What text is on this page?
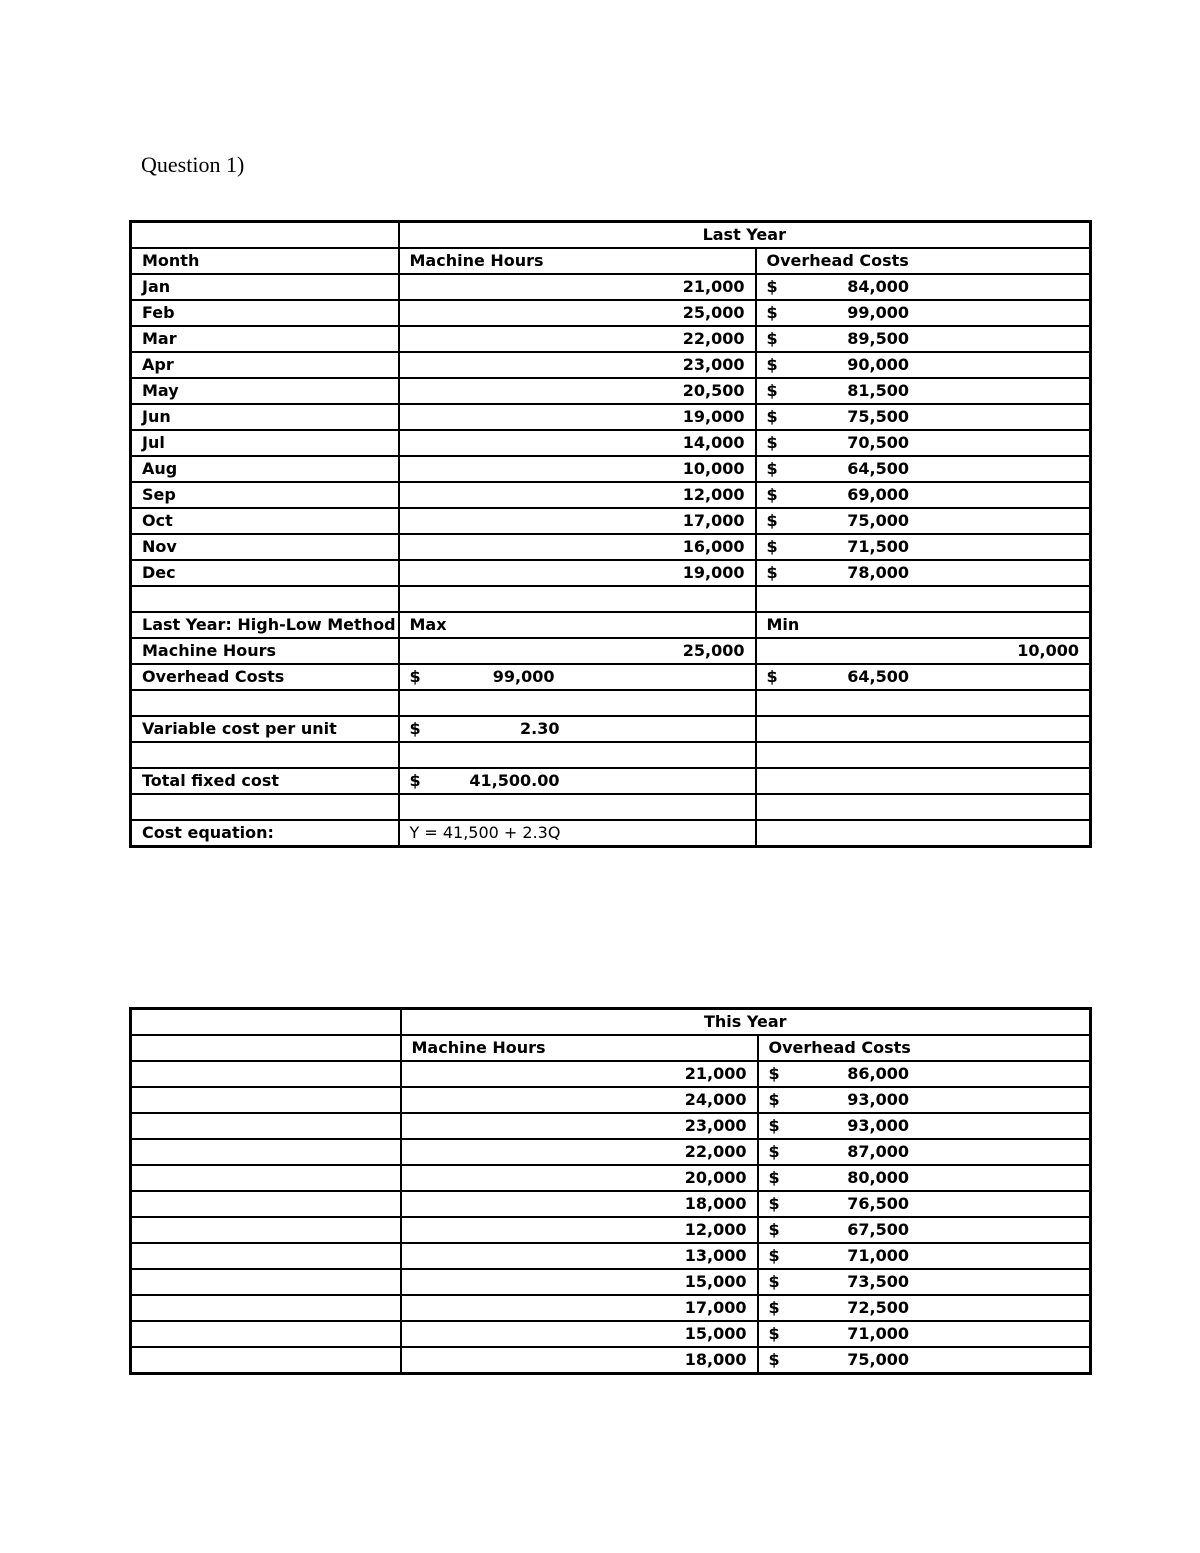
Question 1)
	Last Year	
Month	Machine Hours	Overhead Costs
Jan	21,000	$ 84,000

Feb	25,000	$ 99,000

Mar	22,000	$ 89,500

Apr	23,000	$ 90,000

May	20,500	$ 81,500

Jun	19,000	$ 75,500

Jul	14,000	$ 70,500

Aug	10,000	$ 64,500

Sep	12,000	$ 69,000

Oct	17,000	$ 75,000

Nov	16,000	$ 71,500

Dec	19,000	$ 78,000

Last Year: High-Low Method	Max	Min
Machine Hours	25,000	10,000
Overhead Costs	$ 99,000	$ 64,500

Variable cost per unit	$ 2.30	

Total fixed cost	$ 41,500.00	

Cost equation:	Y = 41,500 + 2.3Q	
	This Year	
	Machine Hours	Overhead Costs
	21,000	$ 86,000

	24,000	$ 93,000

	23,000	$ 93,000

	22,000	$ 87,000

	20,000	$ 80,000

	18,000	$ 76,500

	12,000	$ 67,500

	13,000	$ 71,000

	15,000	$ 73,500

	17,000	$ 72,500

	15,000	$ 71,000

	18,000	$ 75,000
